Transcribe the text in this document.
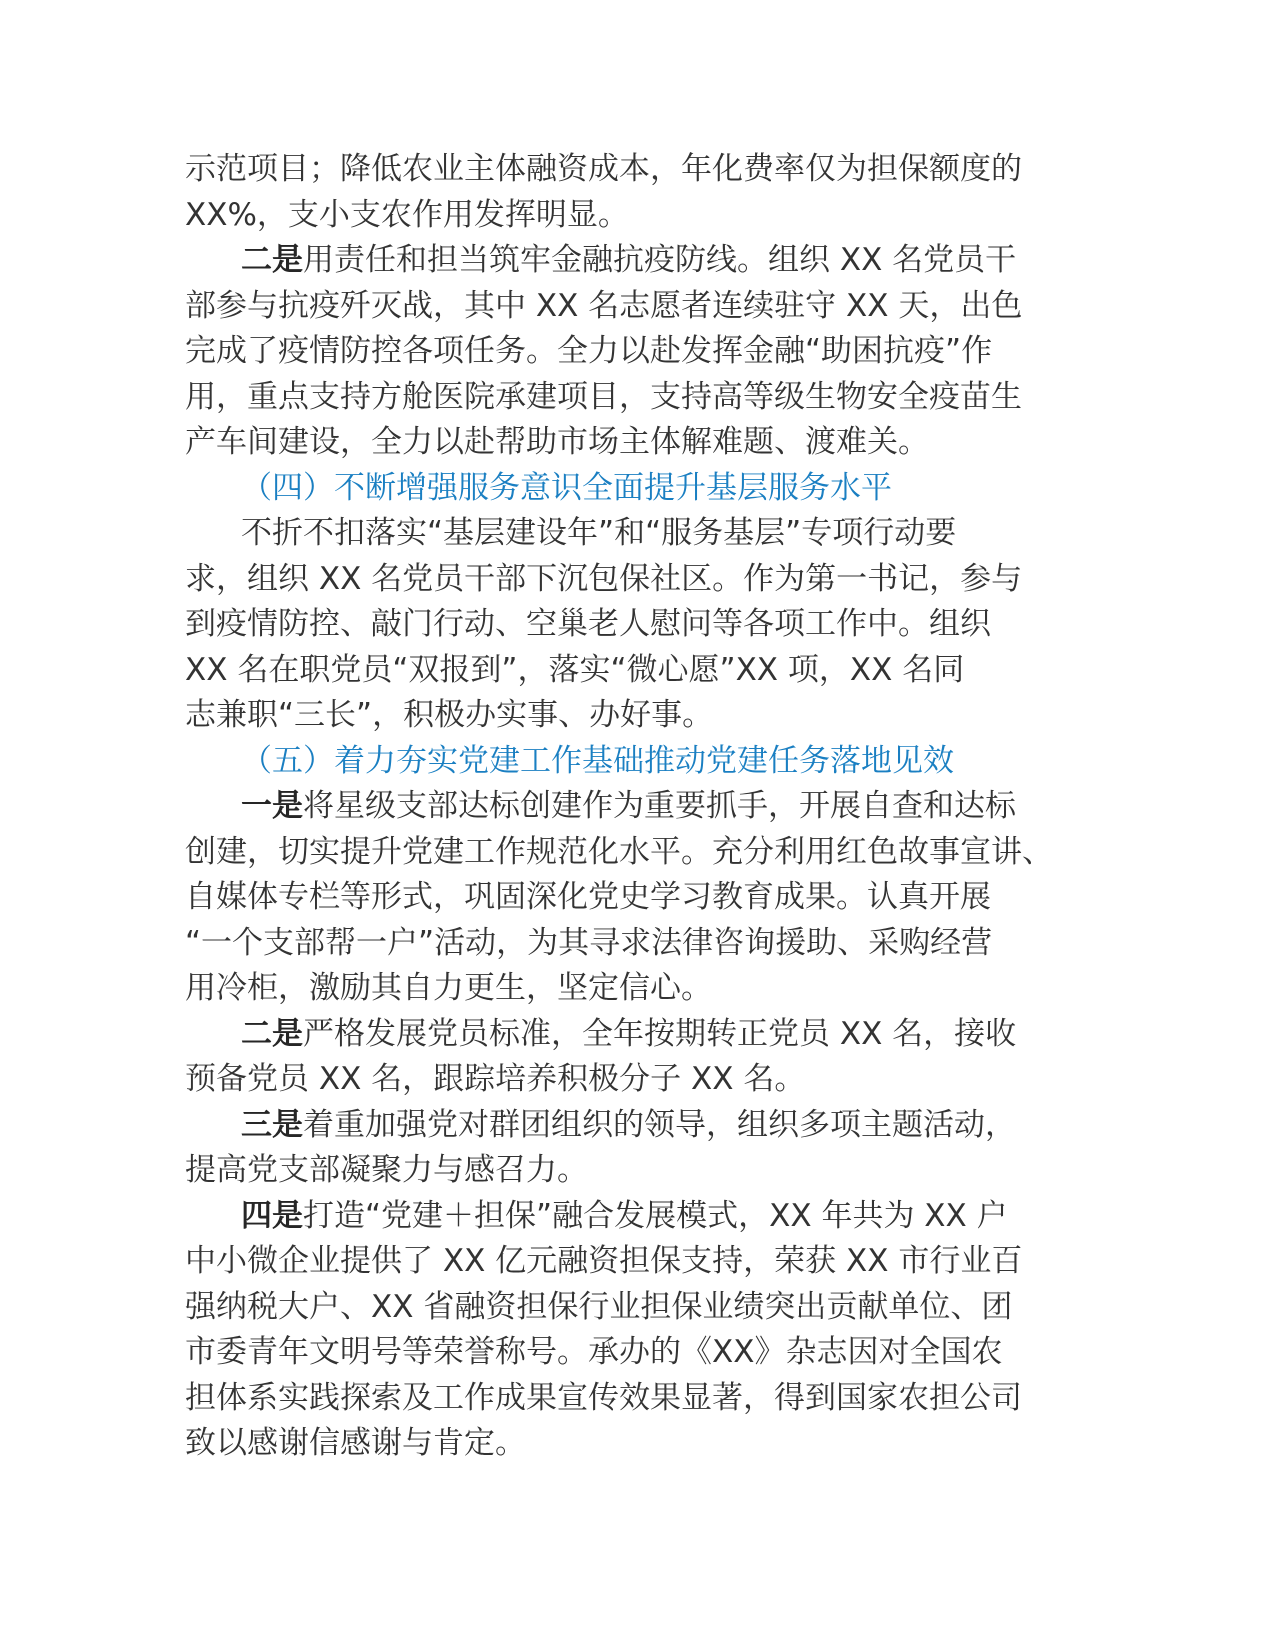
示范项目；降低农业主体融资成本，年化费率仅为担保额度的
XX%，支小支农作用发挥明显。
二是用责任和担当筑牢金融抗疫防线。组织 XX 名党员干
部参与抗疫歼灭战，其中 XX 名志愿者连续驻守 XX 天，出色
完成了疫情防控各项任务。全力以赴发挥金融“助困抗疫”作
用，重点支持方舱医院承建项目，支持高等级生物安全疫苗生
产车间建设，全力以赴帮助市场主体解难题、渡难关。
（四）不断增强服务意识全面提升基层服务水平
不折不扣落实“基层建设年”和“服务基层”专项行动要
求，组织 XX 名党员干部下沉包保社区。作为第一书记，参与
到疫情防控、敲门行动、空巢老人慰问等各项工作中。组织
XX 名在职党员“双报到”，落实“微心愿”XX 项，XX 名同
志兼职“三长”，积极办实事、办好事。
（五）着力夯实党建工作基础推动党建任务落地见效
一是将星级支部达标创建作为重要抓手，开展自查和达标
创建，切实提升党建工作规范化水平。充分利用红色故事宣讲、
自媒体专栏等形式，巩固深化党史学习教育成果。认真开展
“一个支部帮一户”活动，为其寻求法律咨询援助、采购经营
用冷柜，激励其自力更生，坚定信心。
二是严格发展党员标准，全年按期转正党员 XX 名，接收
预备党员 XX 名，跟踪培养积极分子 XX 名。
三是着重加强党对群团组织的领导，组织多项主题活动，
提高党支部凝聚力与感召力。
四是打造“党建＋担保”融合发展模式，XX 年共为 XX 户
中小微企业提供了 XX 亿元融资担保支持，荣获 XX 市行业百
强纳税大户、XX 省融资担保行业担保业绩突出贡献单位、团
市委青年文明号等荣誉称号。承办的《XX》杂志因对全国农
担体系实践探索及工作成果宣传效果显著，得到国家农担公司
致以感谢信感谢与肯定。
